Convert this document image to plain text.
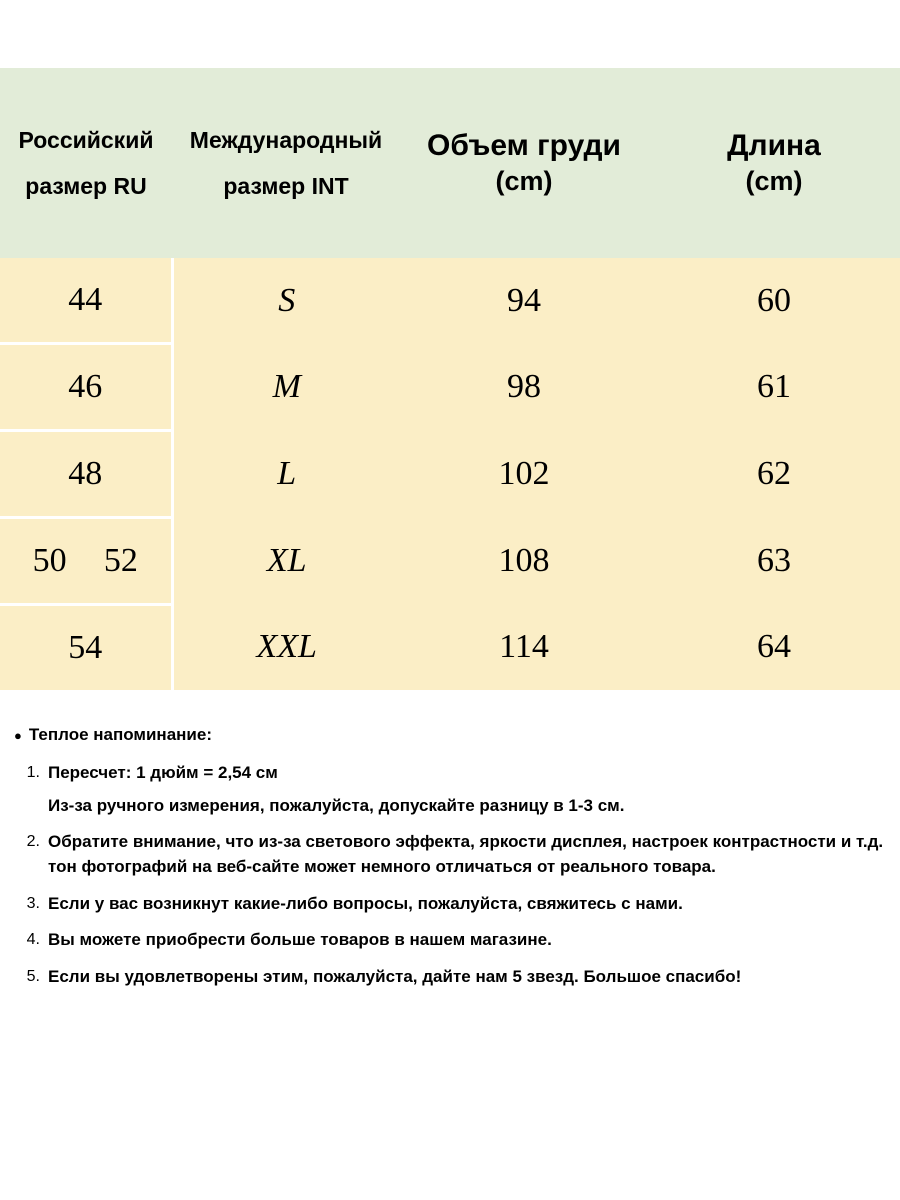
Российский
размер RU

Международный
размер INT
	Объем груди
(cm)
	Длина
(cm)

44	S	94	60
46	M	98	61
48	L	102	62

50 52	XL	108	63
54	XXL	114	64
● Теплое напоминание:
1. Пересчет: 1 дюйм = 2,54 см
Из-за ручного измерения, пожалуйста, допускайте разницу в 1-3 см.
2. Обратите внимание, что из-за светового эффекта, яркости дисплея, настроек контрастности и т.д. тон фотографий на веб-сайте может немного отличаться от реального товара.
3. Если у вас возникнут какие-либо вопросы, пожалуйста, свяжитесь с нами.
4. Вы можете приобрести больше товаров в нашем магазине.
5. Если вы удовлетворены этим, пожалуйста, дайте нам 5 звезд. Большое спасибо!
